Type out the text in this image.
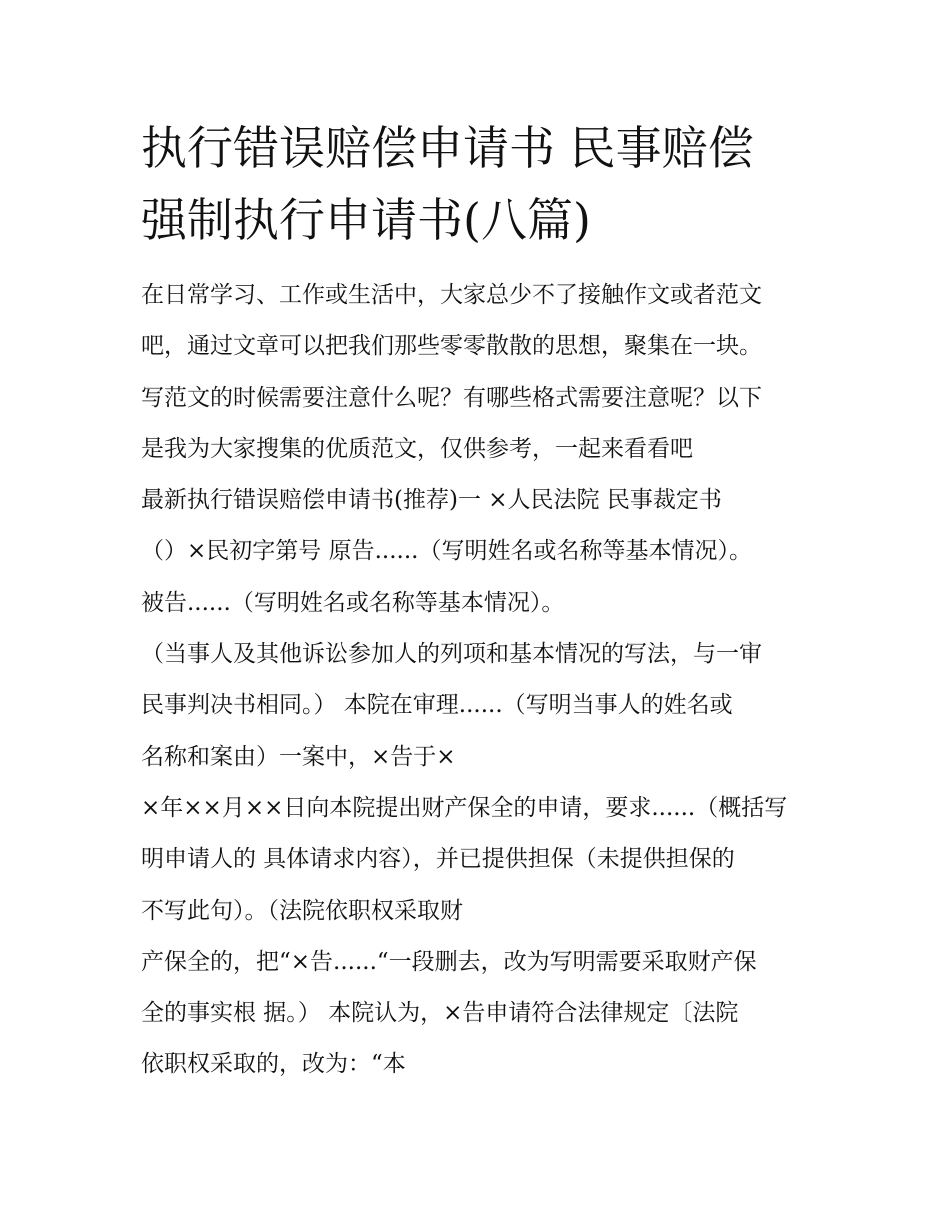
执行错误赔偿申请书 民事赔偿
强制执行申请书(八篇)
在日常学习、工作或生活中，大家总少不了接触作文或者范文
吧，通过文章可以把我们那些零零散散的思想，聚集在一块。
写范文的时候需要注意什么呢？有哪些格式需要注意呢？以下
是我为大家搜集的优质范文，仅供参考，一起来看看吧
最新执行错误赔偿申请书(推荐)一 ×人民法院 民事裁定书
（）×民初字第号 原告......（写明姓名或名称等基本情况）。
被告......（写明姓名或名称等基本情况）。
（当事人及其他诉讼参加人的列项和基本情况的写法，与一审
民事判决书相同。） 本院在审理......（写明当事人的姓名或
名称和案由）一案中，×告于×
×年××月××日向本院提出财产保全的申请，要求......（概括写
明申请人的 具体请求内容），并已提供担保（未提供担保的
不写此句）。（法院依职权采取财
产保全的，把“×告......“一段删去，改为写明需要采取财产保
全的事实根 据。） 本院认为，×告申请符合法律规定〔法院
依职权采取的，改为：“本
